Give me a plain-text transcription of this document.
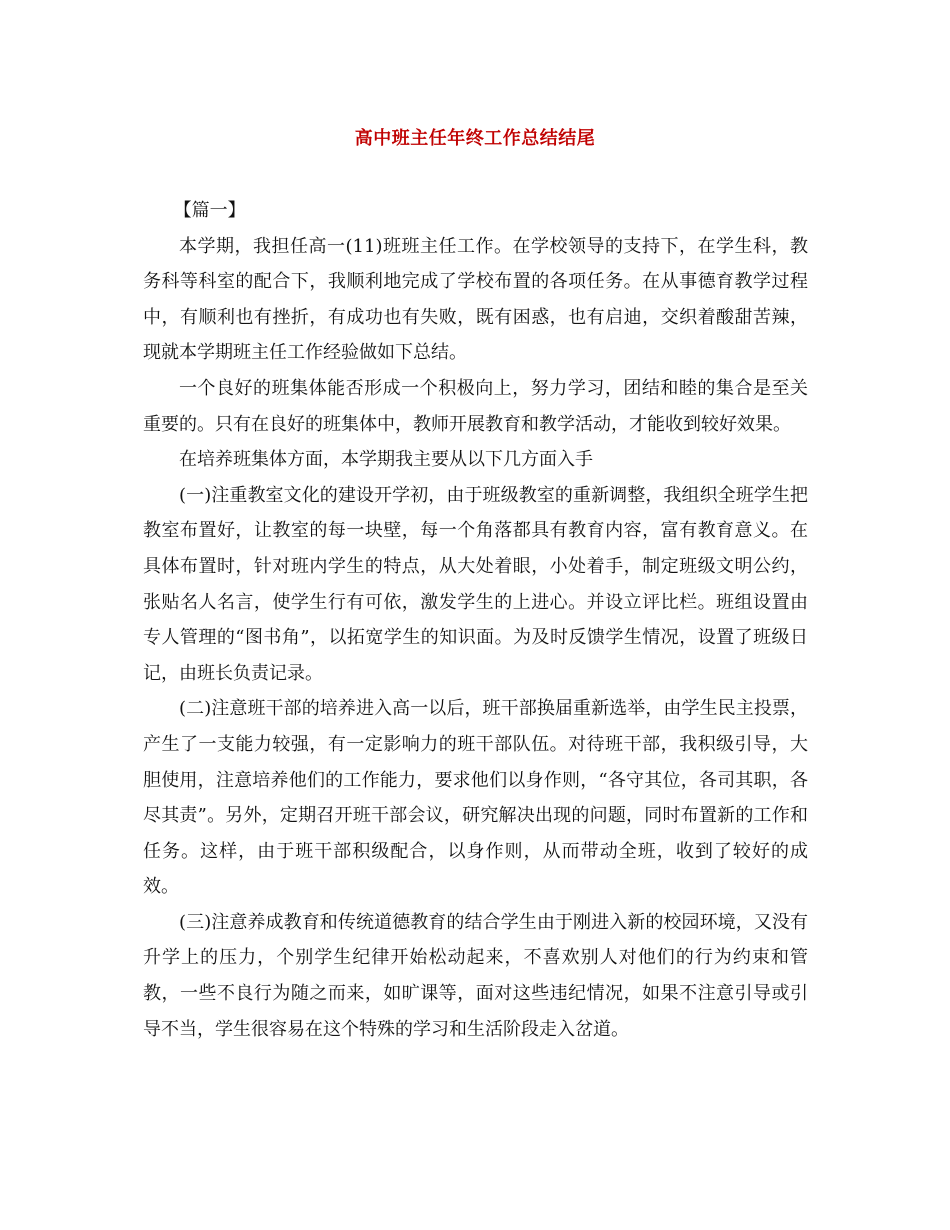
高中班主任年终工作总结结尾

【篇一】

本学期，我担任高一(11)班班主任工作。在学校领导的支持下，在学生科，教务科等科室的配合下，我顺利地完成了学校布置的各项任务。在从事德育教学过程中，有顺利也有挫折，有成功也有失败，既有困惑，也有启迪，交织着酸甜苦辣，现就本学期班主任工作经验做如下总结。

一个良好的班集体能否形成一个积极向上，努力学习，团结和睦的集合是至关重要的。只有在良好的班集体中，教师开展教育和教学活动，才能收到较好效果。

在培养班集体方面，本学期我主要从以下几方面入手

(一)注重教室文化的建设开学初，由于班级教室的重新调整，我组织全班学生把教室布置好，让教室的每一块壁，每一个角落都具有教育内容，富有教育意义。在具体布置时，针对班内学生的特点，从大处着眼，小处着手，制定班级文明公约，张贴名人名言，使学生行有可依，激发学生的上进心。并设立评比栏。班组设置由专人管理的“图书角”，以拓宽学生的知识面。为及时反馈学生情况，设置了班级日记，由班长负责记录。

(二)注意班干部的培养进入高一以后，班干部换届重新选举，由学生民主投票，产生了一支能力较强，有一定影响力的班干部队伍。对待班干部，我积级引导，大胆使用，注意培养他们的工作能力，要求他们以身作则，“各守其位，各司其职，各尽其责”。另外，定期召开班干部会议，研究解决出现的问题，同时布置新的工作和任务。这样，由于班干部积级配合，以身作则，从而带动全班，收到了较好的成效。

(三)注意养成教育和传统道德教育的结合学生由于刚进入新的校园环境，又没有升学上的压力，个别学生纪律开始松动起来，不喜欢别人对他们的行为约束和管教，一些不良行为随之而来，如旷课等，面对这些违纪情况，如果不注意引导或引导不当，学生很容易在这个特殊的学习和生活阶段走入岔道。
